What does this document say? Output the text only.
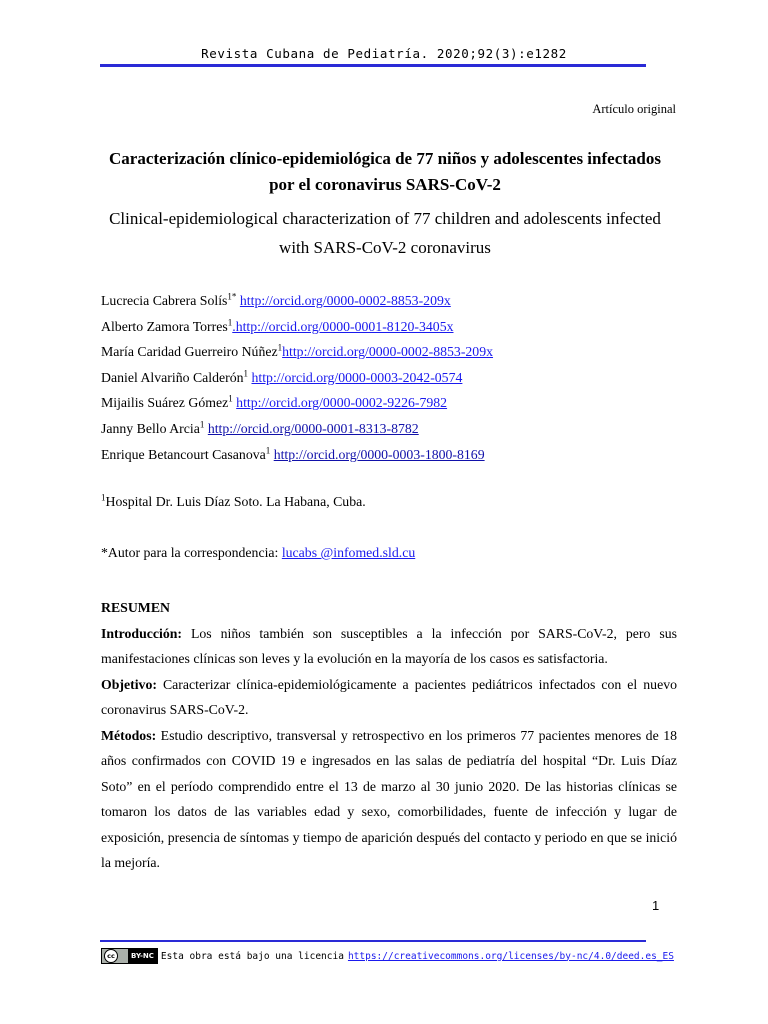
Revista Cubana de Pediatría. 2020;92(3):e1282
Artículo original
Caracterización clínico-epidemiológica de 77 niños y adolescentes infectados por el coronavirus SARS-CoV-2
Clinical-epidemiological characterization of 77 children and adolescents infected with SARS-CoV-2 coronavirus
Lucrecia Cabrera Solís$^{1*}$ http://orcid.org/0000-0002-8853-209x
Alberto Zamora Torres$^1$.http://orcid.org/0000-0001-8120-3405x
María Caridad Guerreiro Núñez$^1$http://orcid.org/0000-0002-8853-209x
Daniel Alvariño Calderón$^1$ http://orcid.org/0000-0003-2042-0574
Mijailis Suárez Gómez$^1$ http://orcid.org/0000-0002-9226-7982
Janny Bello Arcia$^1$ http://orcid.org/0000-0001-8313-8782
Enrique Betancourt Casanova$^1$ http://orcid.org/0000-0003-1800-8169
$^1$Hospital Dr. Luis Díaz Soto. La Habana, Cuba.
*Autor para la correspondencia: lucabs @infomed.sld.cu

RESUMEN

Introducción: Los niños también son susceptibles a la infección por SARS-CoV-2, pero sus manifestaciones clínicas son leves y la evolución en la mayoría de los casos es satisfactoria.

Objetivo: Caracterizar clínica-epidemiológicamente a pacientes pediátricos infectados con el nuevo coronavirus SARS-CoV-2.

Métodos: Estudio descriptivo, transversal y retrospectivo en los primeros 77 pacientes menores de 18 años confirmados con COVID 19 e ingresados en las salas de pediatría del hospital “Dr. Luis Díaz Soto” en el período comprendido entre el 13 de marzo al 30 junio 2020. De las historias clínicas se tomaron los datos de las variables edad y sexo, comorbilidades, fuente de infección y lugar de exposición, presencia de síntomas y tiempo de aparición después del contacto y periodo en que se inició la mejoría.

1
cc	BY-NC Esta obra está bajo una licencia https://creativecommons.org/licenses/by-nc/4.0/deed.es_ES
